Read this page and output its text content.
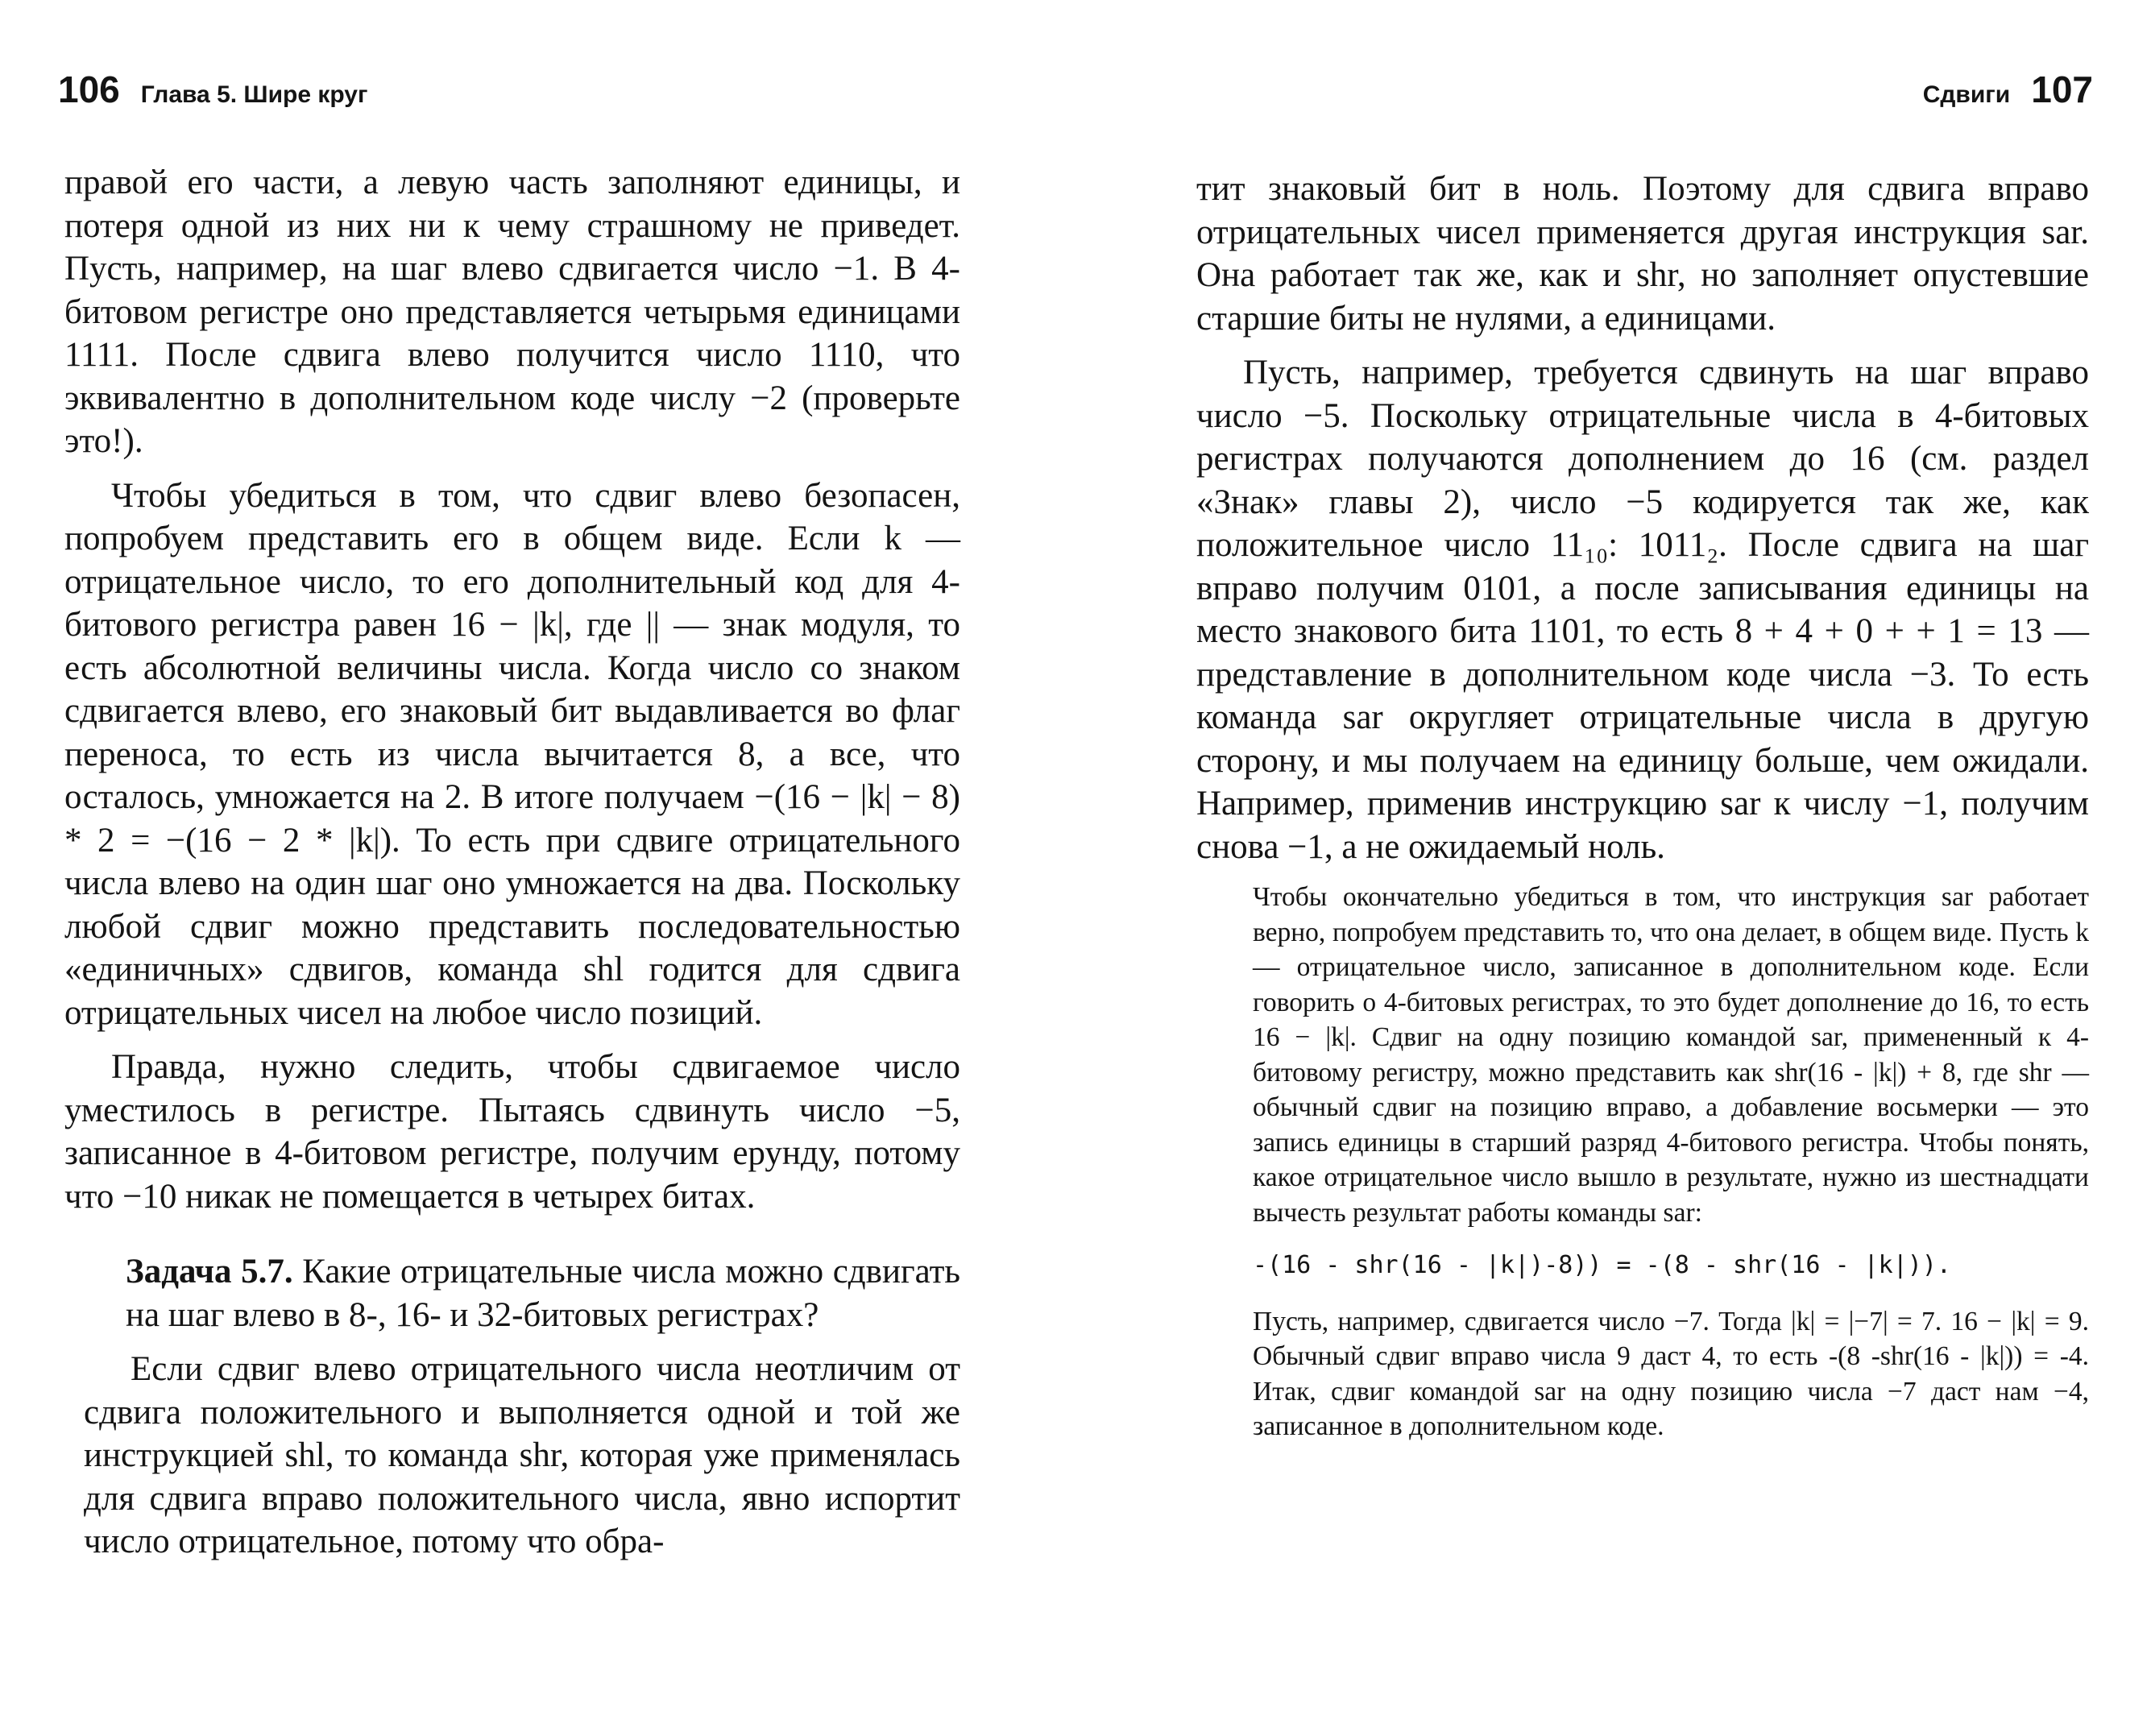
106 Глава 5. Шире круг

правой его части, а левую часть заполняют единицы, и потеря одной из них ни к чему страшному не приведет. Пусть, например, на шаг влево сдвигается число −1. В 4-битовом регистре оно представляется четырьмя единицами 1111. После сдвига влево получится число 1110, что эквивалентно в дополнительном коде числу −2 (проверьте это!).

Чтобы убедиться в том, что сдвиг влево безопасен, попробуем представить его в общем виде. Если k — отрицательное число, то его дополнительный код для 4-битового регистра равен 16 − |k|, где || — знак модуля, то есть абсолютной величины числа. Когда число со знаком сдвигается влево, его знаковый бит выдавливается во флаг переноса, то есть из числа вычитается 8, а все, что осталось, умножается на 2. В итоге получаем −(16 − |k| − 8) * 2 = −(16 − 2 * |k|). То есть при сдвиге отрицательного числа влево на один шаг оно умножается на два. Поскольку любой сдвиг можно представить последовательностью «единичных» сдвигов, команда shl годится для сдвига отрицательных чисел на любое число позиций.

Правда, нужно следить, чтобы сдвигаемое число уместилось в регистре. Пытаясь сдвинуть число −5, записанное в 4-битовом регистре, получим ерунду, потому что −10 никак не помещается в четырех битах.

Задача 5.7. Какие отрицательные числа можно сдвигать на шаг влево в 8-, 16- и 32-битовых регистрах?

Если сдвиг влево отрицательного числа неотличим от сдвига положительного и выполняется одной и той же инструкцией shl, то команда shr, которая уже применялась для сдвига вправо положительного числа, явно испортит число отрицательное, потому что обра-

Сдвиги 107

тит знаковый бит в ноль. Поэтому для сдвига вправо отрицательных чисел применяется другая инструкция sar. Она работает так же, как и shr, но заполняет опустевшие старшие биты не нулями, а единицами.

Пусть, например, требуется сдвинуть на шаг вправо число −5. Поскольку отрицательные числа в 4-битовых регистрах получаются дополнением до 16 (см. раздел «Знак» главы 2), число −5 кодируется так же, как положительное число 11₁₀: 1011₂. После сдвига на шаг вправо получим 0101, а после записывания единицы на место знакового бита 1101, то есть 8 + 4 + 0 + + 1 = 13 — представление в дополнительном коде числа −3. То есть команда sar округляет отрицательные числа в другую сторону, и мы получаем на единицу больше, чем ожидали. Например, применив инструкцию sar к числу −1, получим снова −1, а не ожидаемый ноль.

Чтобы окончательно убедиться в том, что инструкция sar работает верно, попробуем представить то, что она делает, в общем виде. Пусть k — отрицательное число, записанное в дополнительном коде. Если говорить о 4-битовых регистрах, то это будет дополнение до 16, то есть 16 − |k|. Сдвиг на одну позицию командой sar, примененный к 4-битовому регистру, можно представить как shr(16 - |k|) + 8, где shr — обычный сдвиг на позицию вправо, а добавление восьмерки — это запись единицы в старший разряд 4-битового регистра. Чтобы понять, какое отрицательное число вышло в результате, нужно из шестнадцати вычесть результат работы команды sar:

-(16 - shr(16 - |k|)-8)) = -(8 - shr(16 - |k|)).

Пусть, например, сдвигается число −7. Тогда |k| = |−7| = 7. 16 − |k| = 9. Обычный сдвиг вправо числа 9 даст 4, то есть -(8 -shr(16 - |k|)) = -4. Итак, сдвиг командой sar на одну позицию числа −7 даст нам −4, записанное в дополнительном коде.
